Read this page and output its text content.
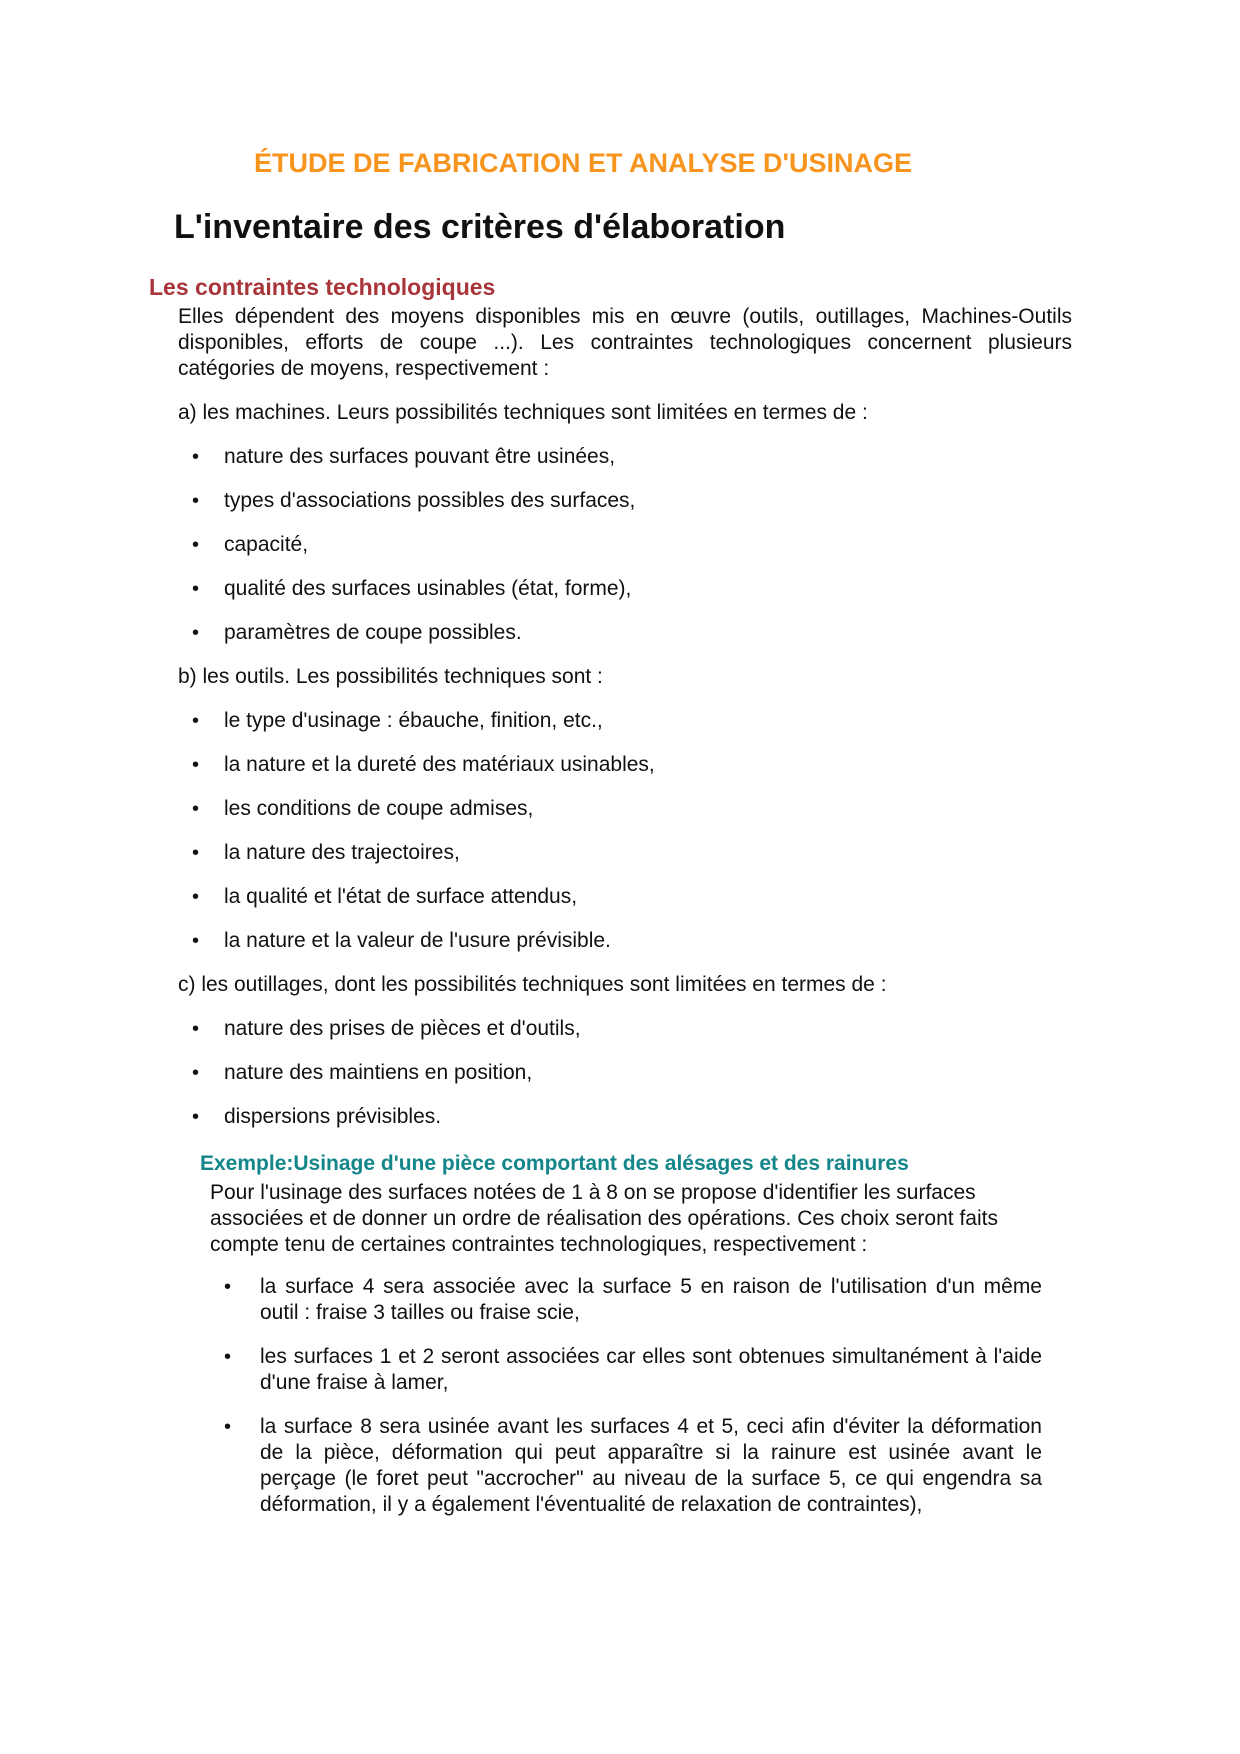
ÉTUDE DE FABRICATION ET ANALYSE D'USINAGE
L'inventaire des critères d'élaboration
Les contraintes technologiques

Elles dépendent des moyens disponibles mis en œuvre (outils, outillages, Machines-Outils disponibles, efforts de coupe ...). Les contraintes technologiques concernent plusieurs catégories de moyens, respectivement :

a) les machines. Leurs possibilités techniques sont limitées en termes de :

• nature des surfaces pouvant être usinées,
• types d'associations possibles des surfaces,
• capacité,
• qualité des surfaces usinables (état, forme),
• paramètres de coupe possibles.

b) les outils. Les possibilités techniques sont :

• le type d'usinage : ébauche, finition, etc.,
• la nature et la dureté des matériaux usinables,
• les conditions de coupe admises,
• la nature des trajectoires,
• la qualité et l'état de surface attendus,
• la nature et la valeur de l'usure prévisible.

c) les outillages, dont les possibilités techniques sont limitées en termes de :

• nature des prises de pièces et d'outils,
• nature des maintiens en position,
• dispersions prévisibles.
Exemple:Usinage d'une pièce comportant des alésages et des rainures

Pour l'usinage des surfaces notées de 1 à 8 on se propose d'identifier les surfaces associées et de donner un ordre de réalisation des opérations. Ces choix seront faits compte tenu de certaines contraintes technologiques, respectivement :

• la surface 4 sera associée avec la surface 5 en raison de l'utilisation d'un même outil : fraise 3 tailles ou fraise scie,
• les surfaces 1 et 2 seront associées car elles sont obtenues simultanément à l'aide d'une fraise à lamer,
• la surface 8 sera usinée avant les surfaces 4 et 5, ceci afin d'éviter la déformation de la pièce, déformation qui peut apparaître si la rainure est usinée avant le perçage (le foret peut "accrocher" au niveau de la surface 5, ce qui engendra sa déformation, il y a également l'éventualité de relaxation de contraintes),
